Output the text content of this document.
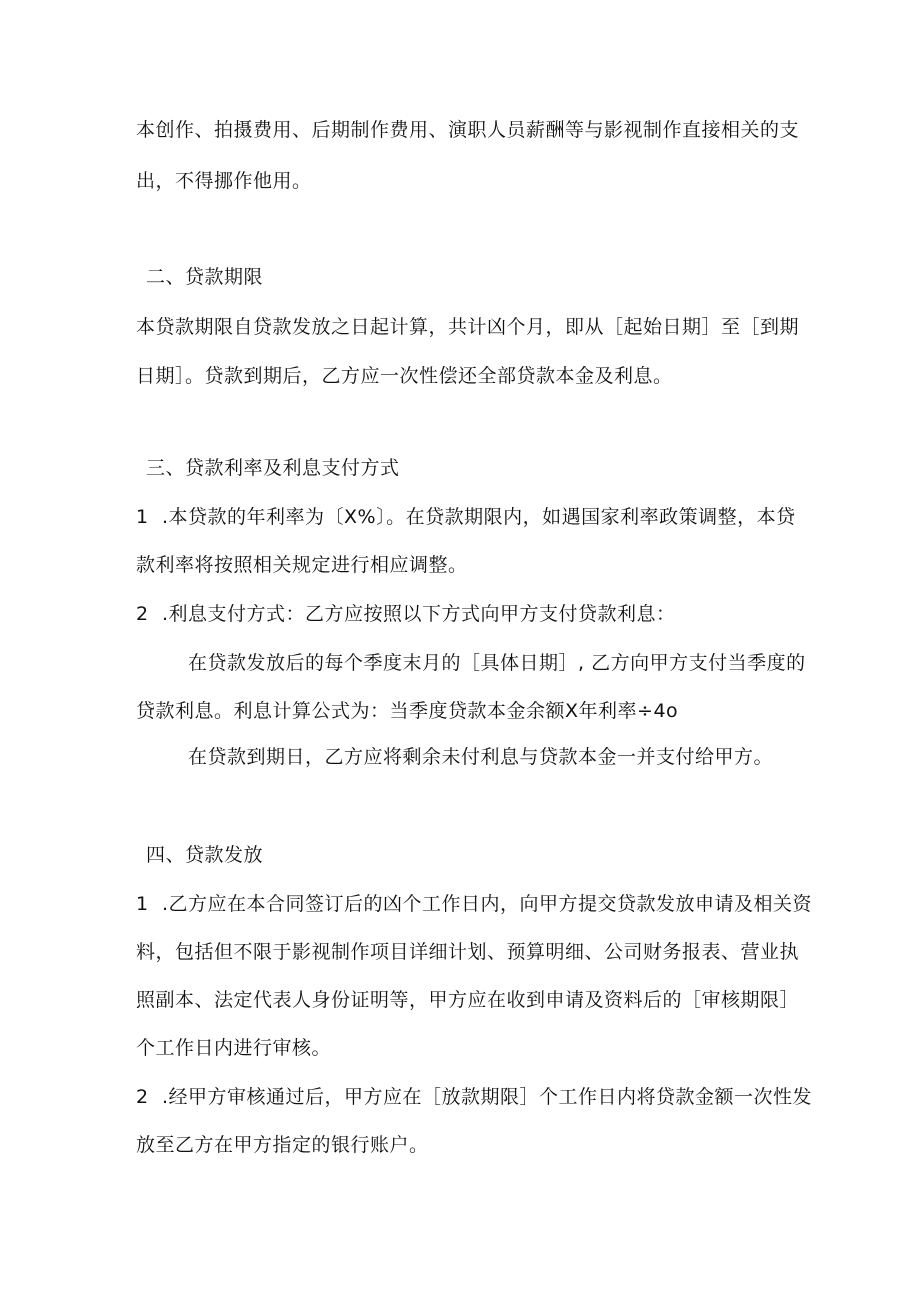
本创作、拍摄费用、后期制作费用、演职人员薪酬等与影视制作直接相关的支
出，不得挪作他用。
二、贷款期限
本贷款期限自贷款发放之日起计算，共计凶个月，即从［起始日期］至［到期
日期］。贷款到期后，乙方应一次性偿还全部贷款本金及利息。
三、贷款利率及利息支付方式
1 .本贷款的年利率为〔X%〕。在贷款期限内，如遇国家利率政策调整，本贷
款利率将按照相关规定进行相应调整。
2 .利息支付方式：乙方应按照以下方式向甲方支付贷款利息：
在贷款发放后的每个季度末月的［具体日期］, 乙方向甲方支付当季度的
贷款利息。利息计算公式为：当季度贷款本金余额X年利率÷4o
在贷款到期日，乙方应将剩余未付利息与贷款本金一并支付给甲方。
四、贷款发放
1 .乙方应在本合同签订后的凶个工作日内，向甲方提交贷款发放申请及相关资
料，包括但不限于影视制作项目详细计划、预算明细、公司财务报表、营业执
照副本、法定代表人身份证明等，甲方应在收到申请及资料后的［审核期限］
个工作日内进行审核。
2 .经甲方审核通过后，甲方应在［放款期限］个工作日内将贷款金额一次性发
放至乙方在甲方指定的银行账户。
